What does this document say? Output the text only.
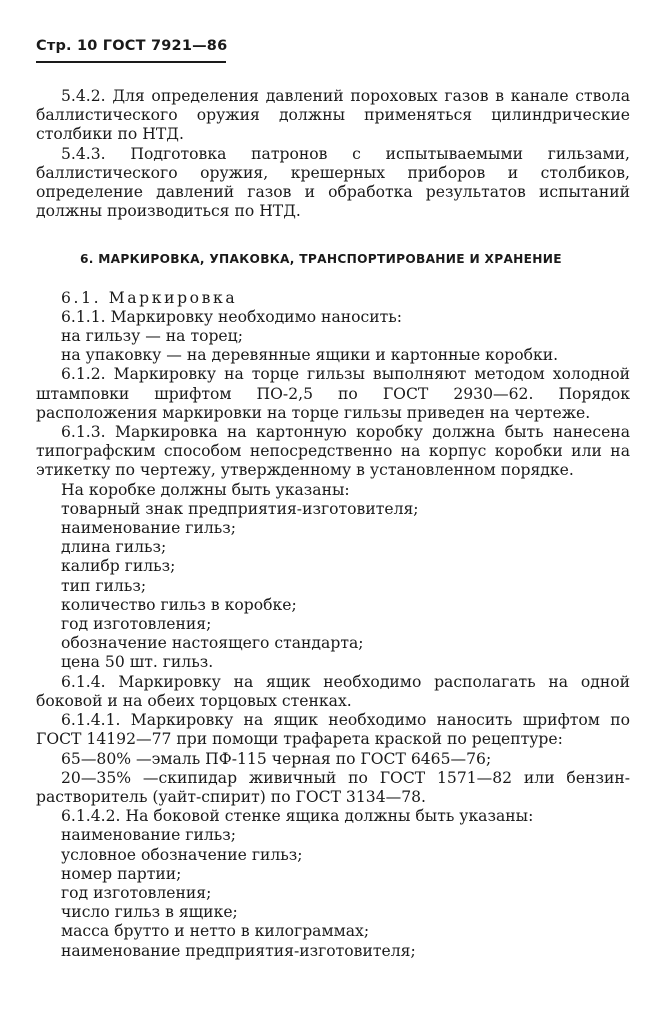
Стр. 10 ГОСТ 7921—86

5.4.2. Для определения давлений пороховых газов в канале ствола баллистического оружия должны применяться цилиндрические столбики по НТД.

5.4.3. Подготовка патронов с испытываемыми гильзами, баллистического оружия, крешерных приборов и столбиков, определение давлений газов и обработка результатов испытаний должны производиться по НТД.

6. МАРКИРОВКА, УПАКОВКА, ТРАНСПОРТИРОВАНИЕ И ХРАНЕНИЕ

6.1. Маркировка

6.1.1. Маркировку необходимо наносить:

на гильзу — на торец;

на упаковку — на деревянные ящики и картонные коробки.

6.1.2. Маркировку на торце гильзы выполняют методом холодной штамповки шрифтом ПО-2,5 по ГОСТ 2930—62. Порядок расположения маркировки на торце гильзы приведен на чертеже.

6.1.3. Маркировка на картонную коробку должна быть нанесена типографским способом непосредственно на корпус коробки или на этикетку по чертежу, утвержденному в установленном порядке.

На коробке должны быть указаны:

товарный знак предприятия-изготовителя;

наименование гильз;

длина гильз;

калибр гильз;

тип гильз;

количество гильз в коробке;

год изготовления;

обозначение настоящего стандарта;

цена 50 шт. гильз.

6.1.4. Маркировку на ящик необходимо располагать на одной боковой и на обеих торцовых стенках.

6.1.4.1. Маркировку на ящик необходимо наносить шрифтом по ГОСТ 14192—77 при помощи трафарета краской по рецептуре:

65—80% —эмаль ПФ-115 черная по ГОСТ 6465—76;

20—35% —скипидар живичный по ГОСТ 1571—82 или бензин-растворитель (уайт-спирит) по ГОСТ 3134—78.

6.1.4.2. На боковой стенке ящика должны быть указаны:

наименование гильз;

условное обозначение гильз;

номер партии;

год изготовления;

число гильз в ящике;

масса брутто и нетто в килограммах;

наименование предприятия-изготовителя;
